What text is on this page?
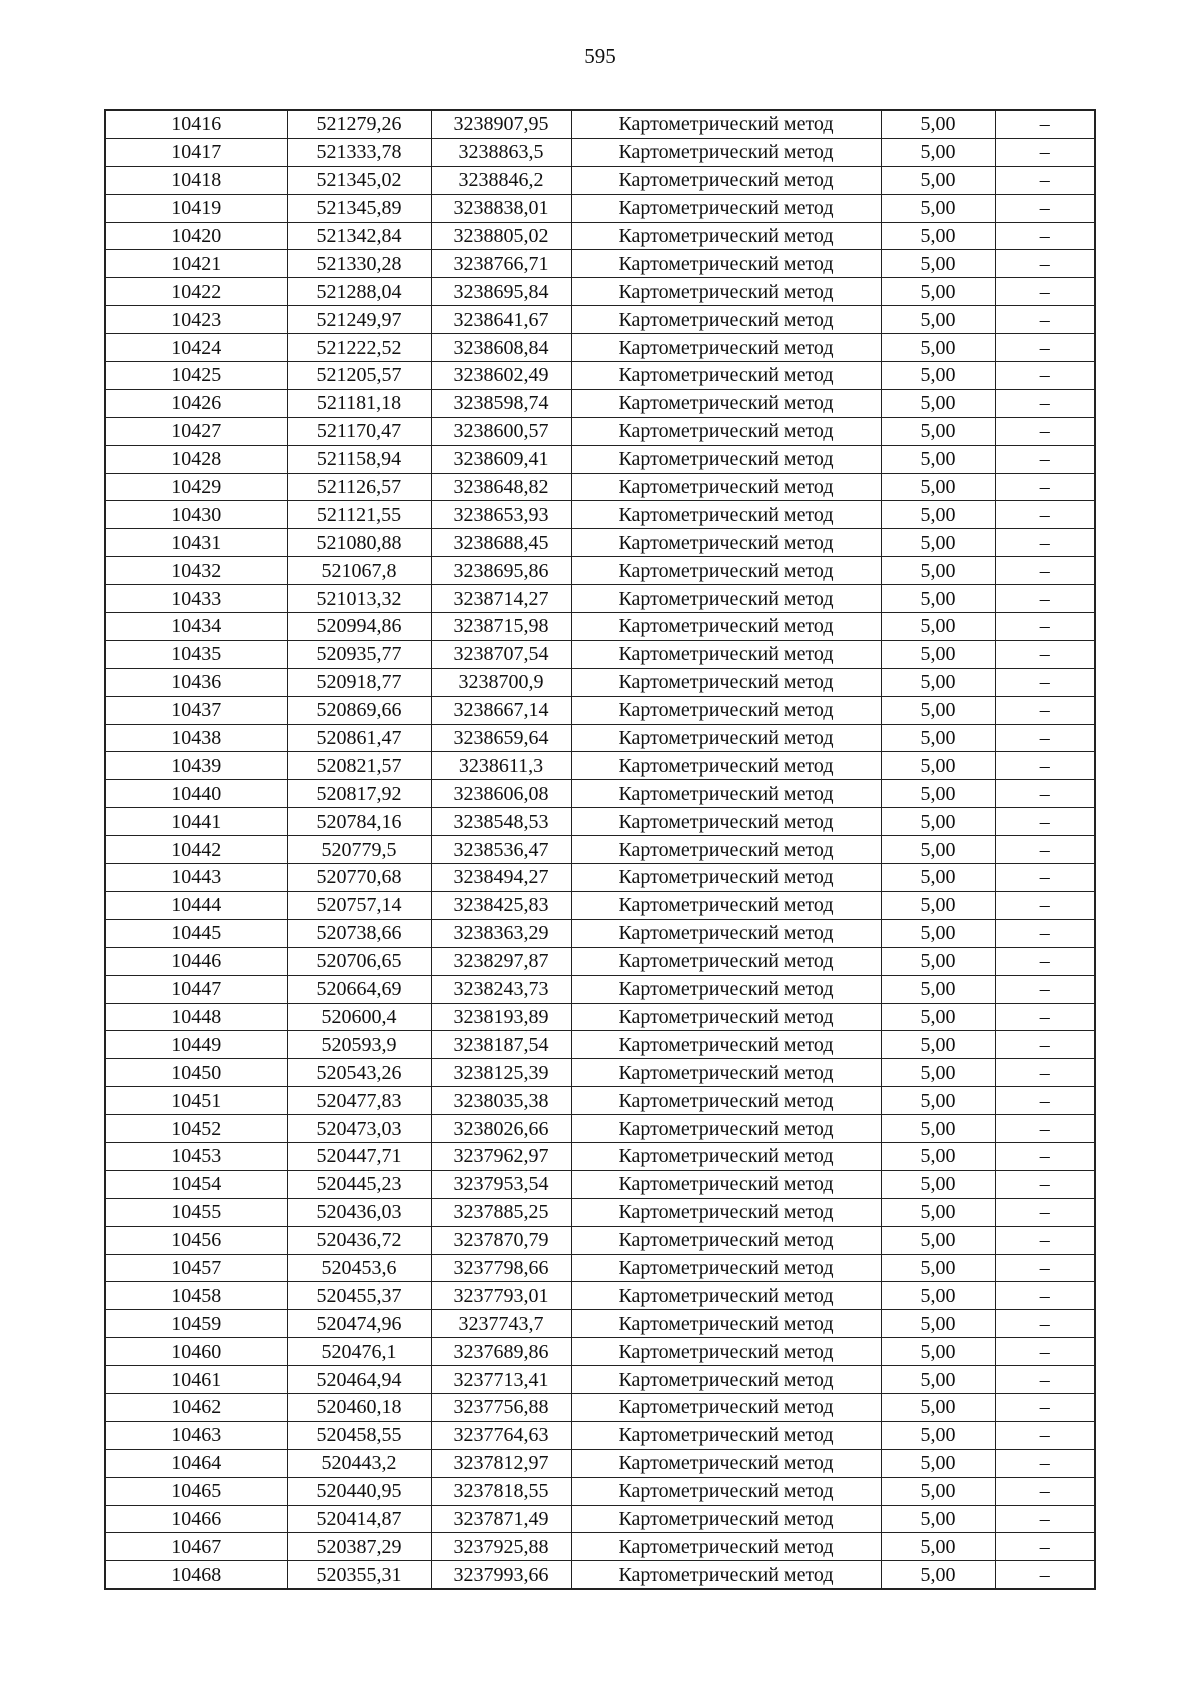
595
10416	521279,26	3238907,95	Картометрический метод	5,00	–
10417	521333,78	3238863,5	Картометрический метод	5,00	–
10418	521345,02	3238846,2	Картометрический метод	5,00	–
10419	521345,89	3238838,01	Картометрический метод	5,00	–
10420	521342,84	3238805,02	Картометрический метод	5,00	–
10421	521330,28	3238766,71	Картометрический метод	5,00	–
10422	521288,04	3238695,84	Картометрический метод	5,00	–
10423	521249,97	3238641,67	Картометрический метод	5,00	–
10424	521222,52	3238608,84	Картометрический метод	5,00	–
10425	521205,57	3238602,49	Картометрический метод	5,00	–
10426	521181,18	3238598,74	Картометрический метод	5,00	–
10427	521170,47	3238600,57	Картометрический метод	5,00	–
10428	521158,94	3238609,41	Картометрический метод	5,00	–
10429	521126,57	3238648,82	Картометрический метод	5,00	–
10430	521121,55	3238653,93	Картометрический метод	5,00	–
10431	521080,88	3238688,45	Картометрический метод	5,00	–
10432	521067,8	3238695,86	Картометрический метод	5,00	–
10433	521013,32	3238714,27	Картометрический метод	5,00	–
10434	520994,86	3238715,98	Картометрический метод	5,00	–
10435	520935,77	3238707,54	Картометрический метод	5,00	–
10436	520918,77	3238700,9	Картометрический метод	5,00	–
10437	520869,66	3238667,14	Картометрический метод	5,00	–
10438	520861,47	3238659,64	Картометрический метод	5,00	–
10439	520821,57	3238611,3	Картометрический метод	5,00	–
10440	520817,92	3238606,08	Картометрический метод	5,00	–
10441	520784,16	3238548,53	Картометрический метод	5,00	–
10442	520779,5	3238536,47	Картометрический метод	5,00	–
10443	520770,68	3238494,27	Картометрический метод	5,00	–
10444	520757,14	3238425,83	Картометрический метод	5,00	–
10445	520738,66	3238363,29	Картометрический метод	5,00	–
10446	520706,65	3238297,87	Картометрический метод	5,00	–
10447	520664,69	3238243,73	Картометрический метод	5,00	–
10448	520600,4	3238193,89	Картометрический метод	5,00	–
10449	520593,9	3238187,54	Картометрический метод	5,00	–
10450	520543,26	3238125,39	Картометрический метод	5,00	–
10451	520477,83	3238035,38	Картометрический метод	5,00	–
10452	520473,03	3238026,66	Картометрический метод	5,00	–
10453	520447,71	3237962,97	Картометрический метод	5,00	–
10454	520445,23	3237953,54	Картометрический метод	5,00	–
10455	520436,03	3237885,25	Картометрический метод	5,00	–
10456	520436,72	3237870,79	Картометрический метод	5,00	–
10457	520453,6	3237798,66	Картометрический метод	5,00	–
10458	520455,37	3237793,01	Картометрический метод	5,00	–
10459	520474,96	3237743,7	Картометрический метод	5,00	–
10460	520476,1	3237689,86	Картометрический метод	5,00	–
10461	520464,94	3237713,41	Картометрический метод	5,00	–
10462	520460,18	3237756,88	Картометрический метод	5,00	–
10463	520458,55	3237764,63	Картометрический метод	5,00	–
10464	520443,2	3237812,97	Картометрический метод	5,00	–
10465	520440,95	3237818,55	Картометрический метод	5,00	–
10466	520414,87	3237871,49	Картометрический метод	5,00	–
10467	520387,29	3237925,88	Картометрический метод	5,00	–
10468	520355,31	3237993,66	Картометрический метод	5,00	–
